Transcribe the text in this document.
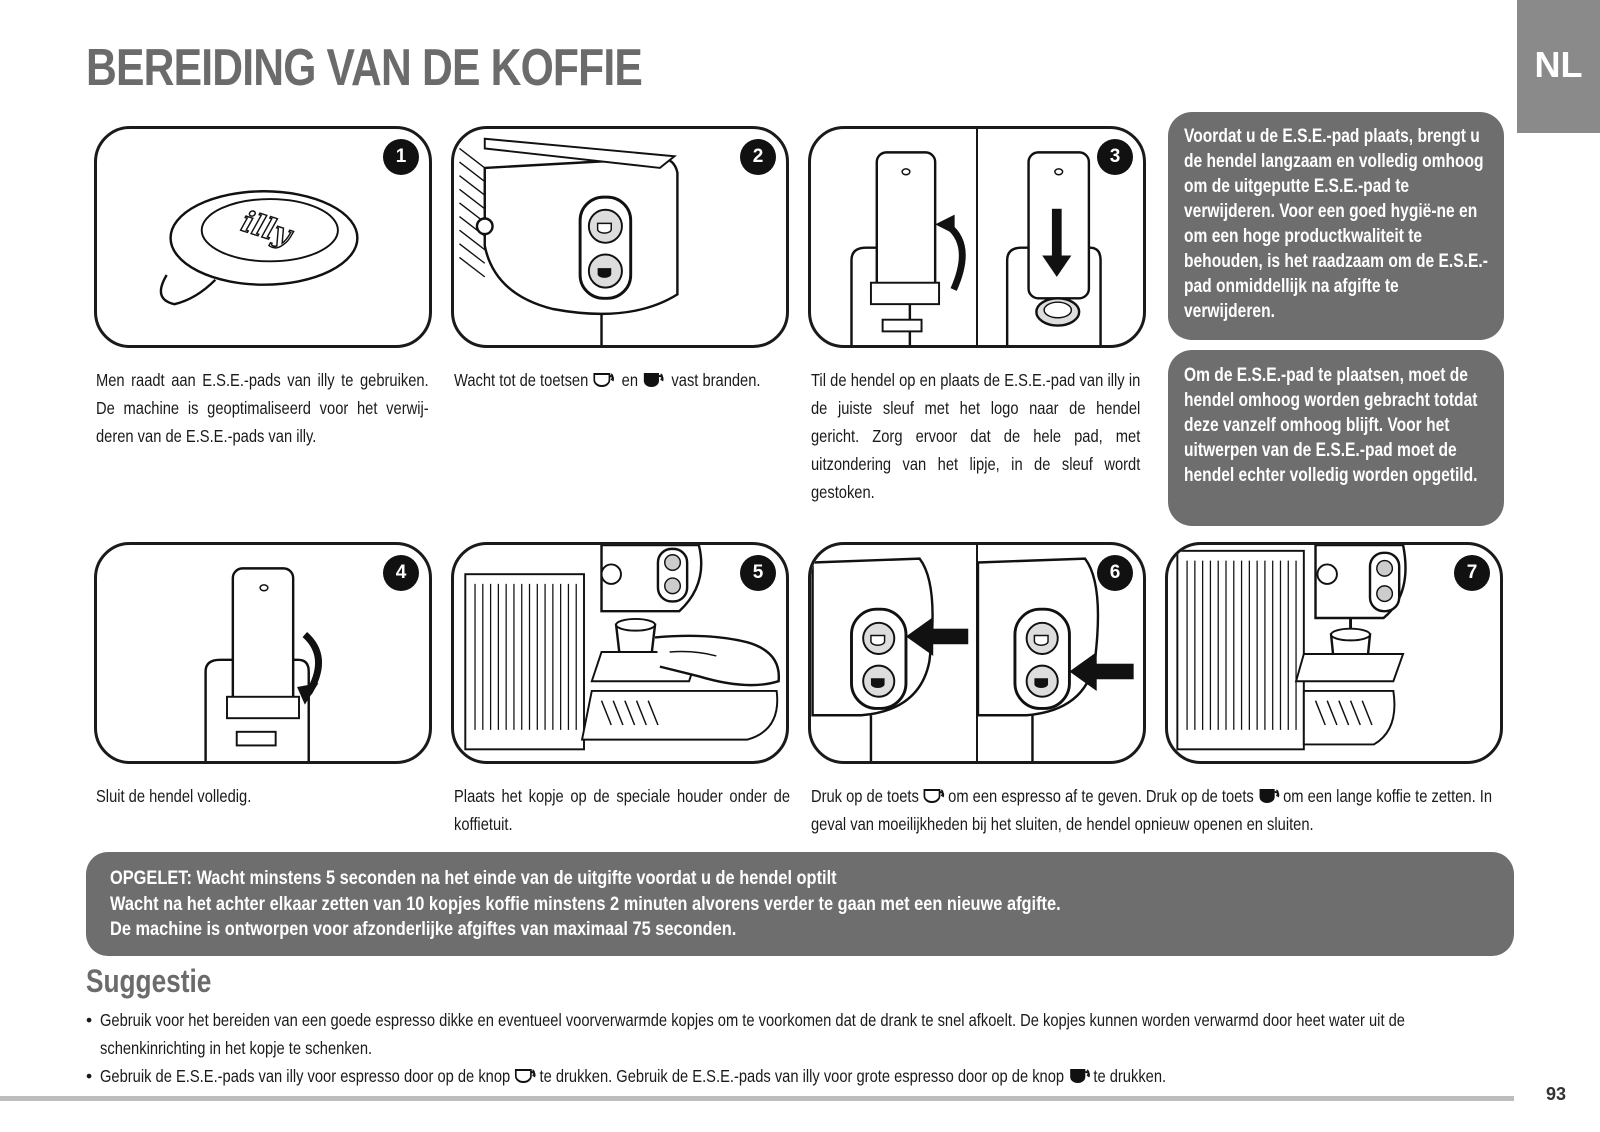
BEREIDING VAN DE KOFFIE	NL
illy
1	2	3
Voordat u de E.S.E.-pad plaats, brengt u de hendel langzaam en volledig omhoog om de uitgeputte E.S.E.-pad te verwijderen. Voor een goed hygië-ne en om een hoge productkwaliteit te behouden, is het raadzaam om de E.S.E.-pad onmiddellijk na afgifte te verwijderen.
Om de E.S.E.-pad te plaatsen, moet de hendel omhoog worden gebracht totdat deze vanzelf omhoog blijft. Voor het uitwerpen van de E.S.E.-pad moet de hendel echter volledig worden opgetild.
Men raadt aan E.S.E.-pads van illy te gebruiken. De machine is geoptimaliseerd voor het verwij-deren van de E.S.E.-pads van illy.
Wacht tot de toetsen en vast branden.	Til de hendel op en plaats de E.S.E.-pad van illy in de juiste sleuf met het logo naar de hendel gericht. Zorg ervoor dat de hele pad, met uitzondering van het lipje, in de sleuf wordt gestoken.
4	5	6	7
Sluit de hendel volledig.	Plaats het kopje op de speciale houder onder de koffietuit.
Druk op de toets om een espresso af te geven. Druk op de toets om een lange koffie te zetten. In geval van moeilijkheden bij het sluiten, de hendel opnieuw openen en sluiten.
OPGELET: Wacht minstens 5 seconden na het einde van de uitgifte voordat u de hendel optilt
Wacht na het achter elkaar zetten van 10 kopjes koffie minstens 2 minuten alvorens verder te gaan met een nieuwe afgifte.
De machine is ontworpen voor afzonderlijke afgiftes van maximaal 75 seconden.
Suggestie
• Gebruik voor het bereiden van een goede espresso dikke en eventueel voorverwarmde kopjes om te voorkomen dat de drank te snel afkoelt. De kopjes kunnen worden verwarmd door heet water uit de schenkinrichting in het kopje te schenken.
• Gebruik de E.S.E.-pads van illy voor espresso door op de knop te drukken. Gebruik de E.S.E.-pads van illy voor grote espresso door op de knop te drukken.
93
